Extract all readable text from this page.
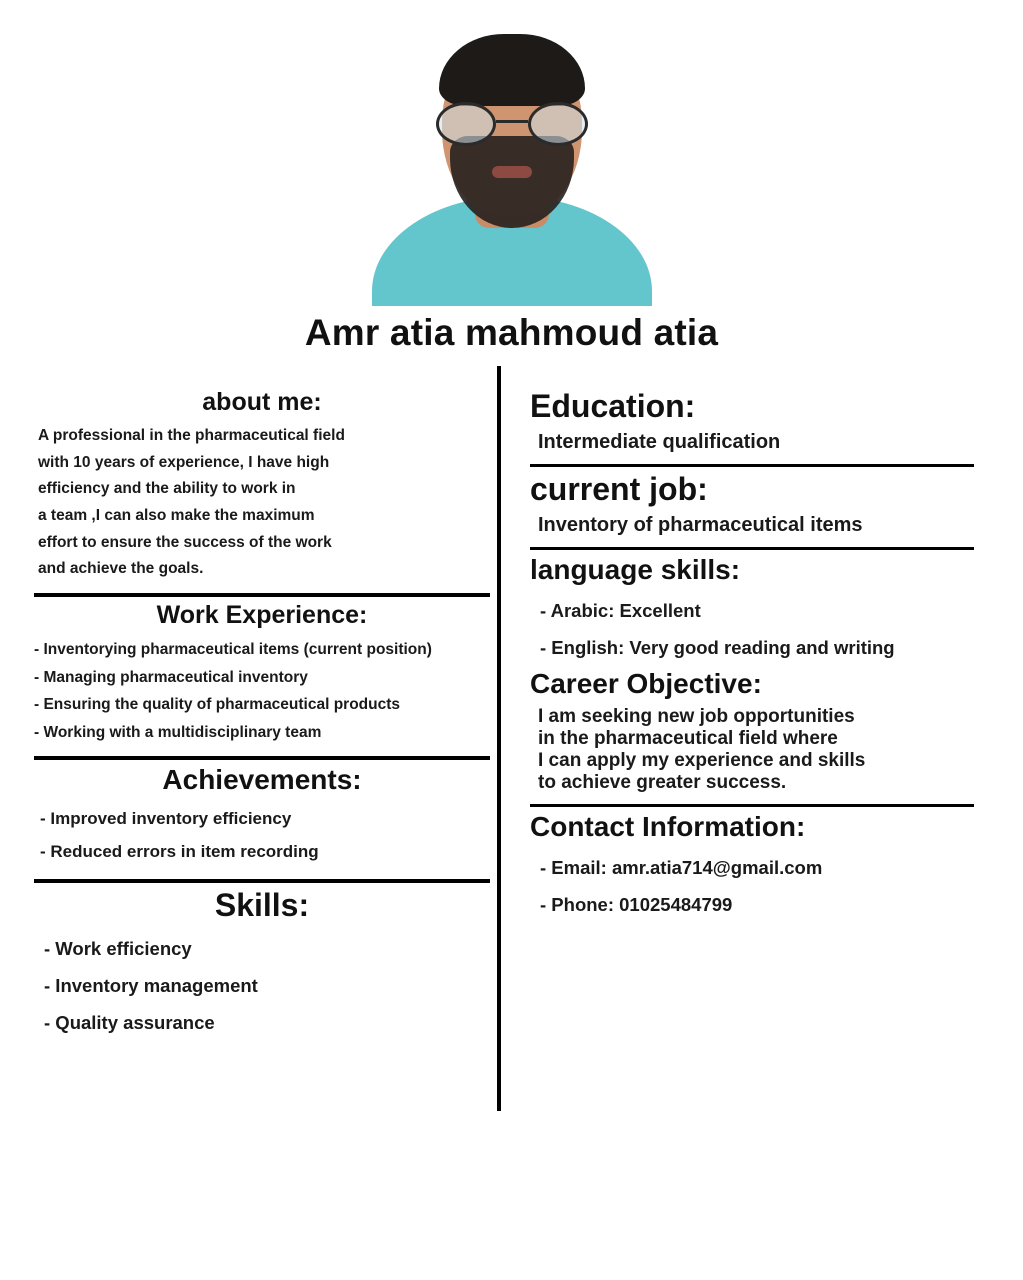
Amr atia mahmoud atia
about me:
A professional in the pharmaceutical field
with 10 years of experience, I have high
efficiency and the ability to work in
a team ,I can also make the maximum
effort to ensure the success of the work
and achieve the goals.
Work Experience:
- Inventorying pharmaceutical items (current position)
- Managing pharmaceutical inventory
- Ensuring the quality of pharmaceutical products
- Working with a multidisciplinary team
Achievements:
- Improved inventory efficiency
- Reduced errors in item recording
Skills:
- Work efficiency
- Inventory management
- Quality assurance
Education:
Intermediate qualification
current job:
Inventory of pharmaceutical items
language skills:
- Arabic: Excellent
- English: Very good reading and writing
Career Objective:
I am seeking new job opportunities
in the pharmaceutical field where
I can apply my experience and skills
to achieve greater success.
Contact Information:
- Email: amr.atia714@gmail.com
- Phone: 01025484799
